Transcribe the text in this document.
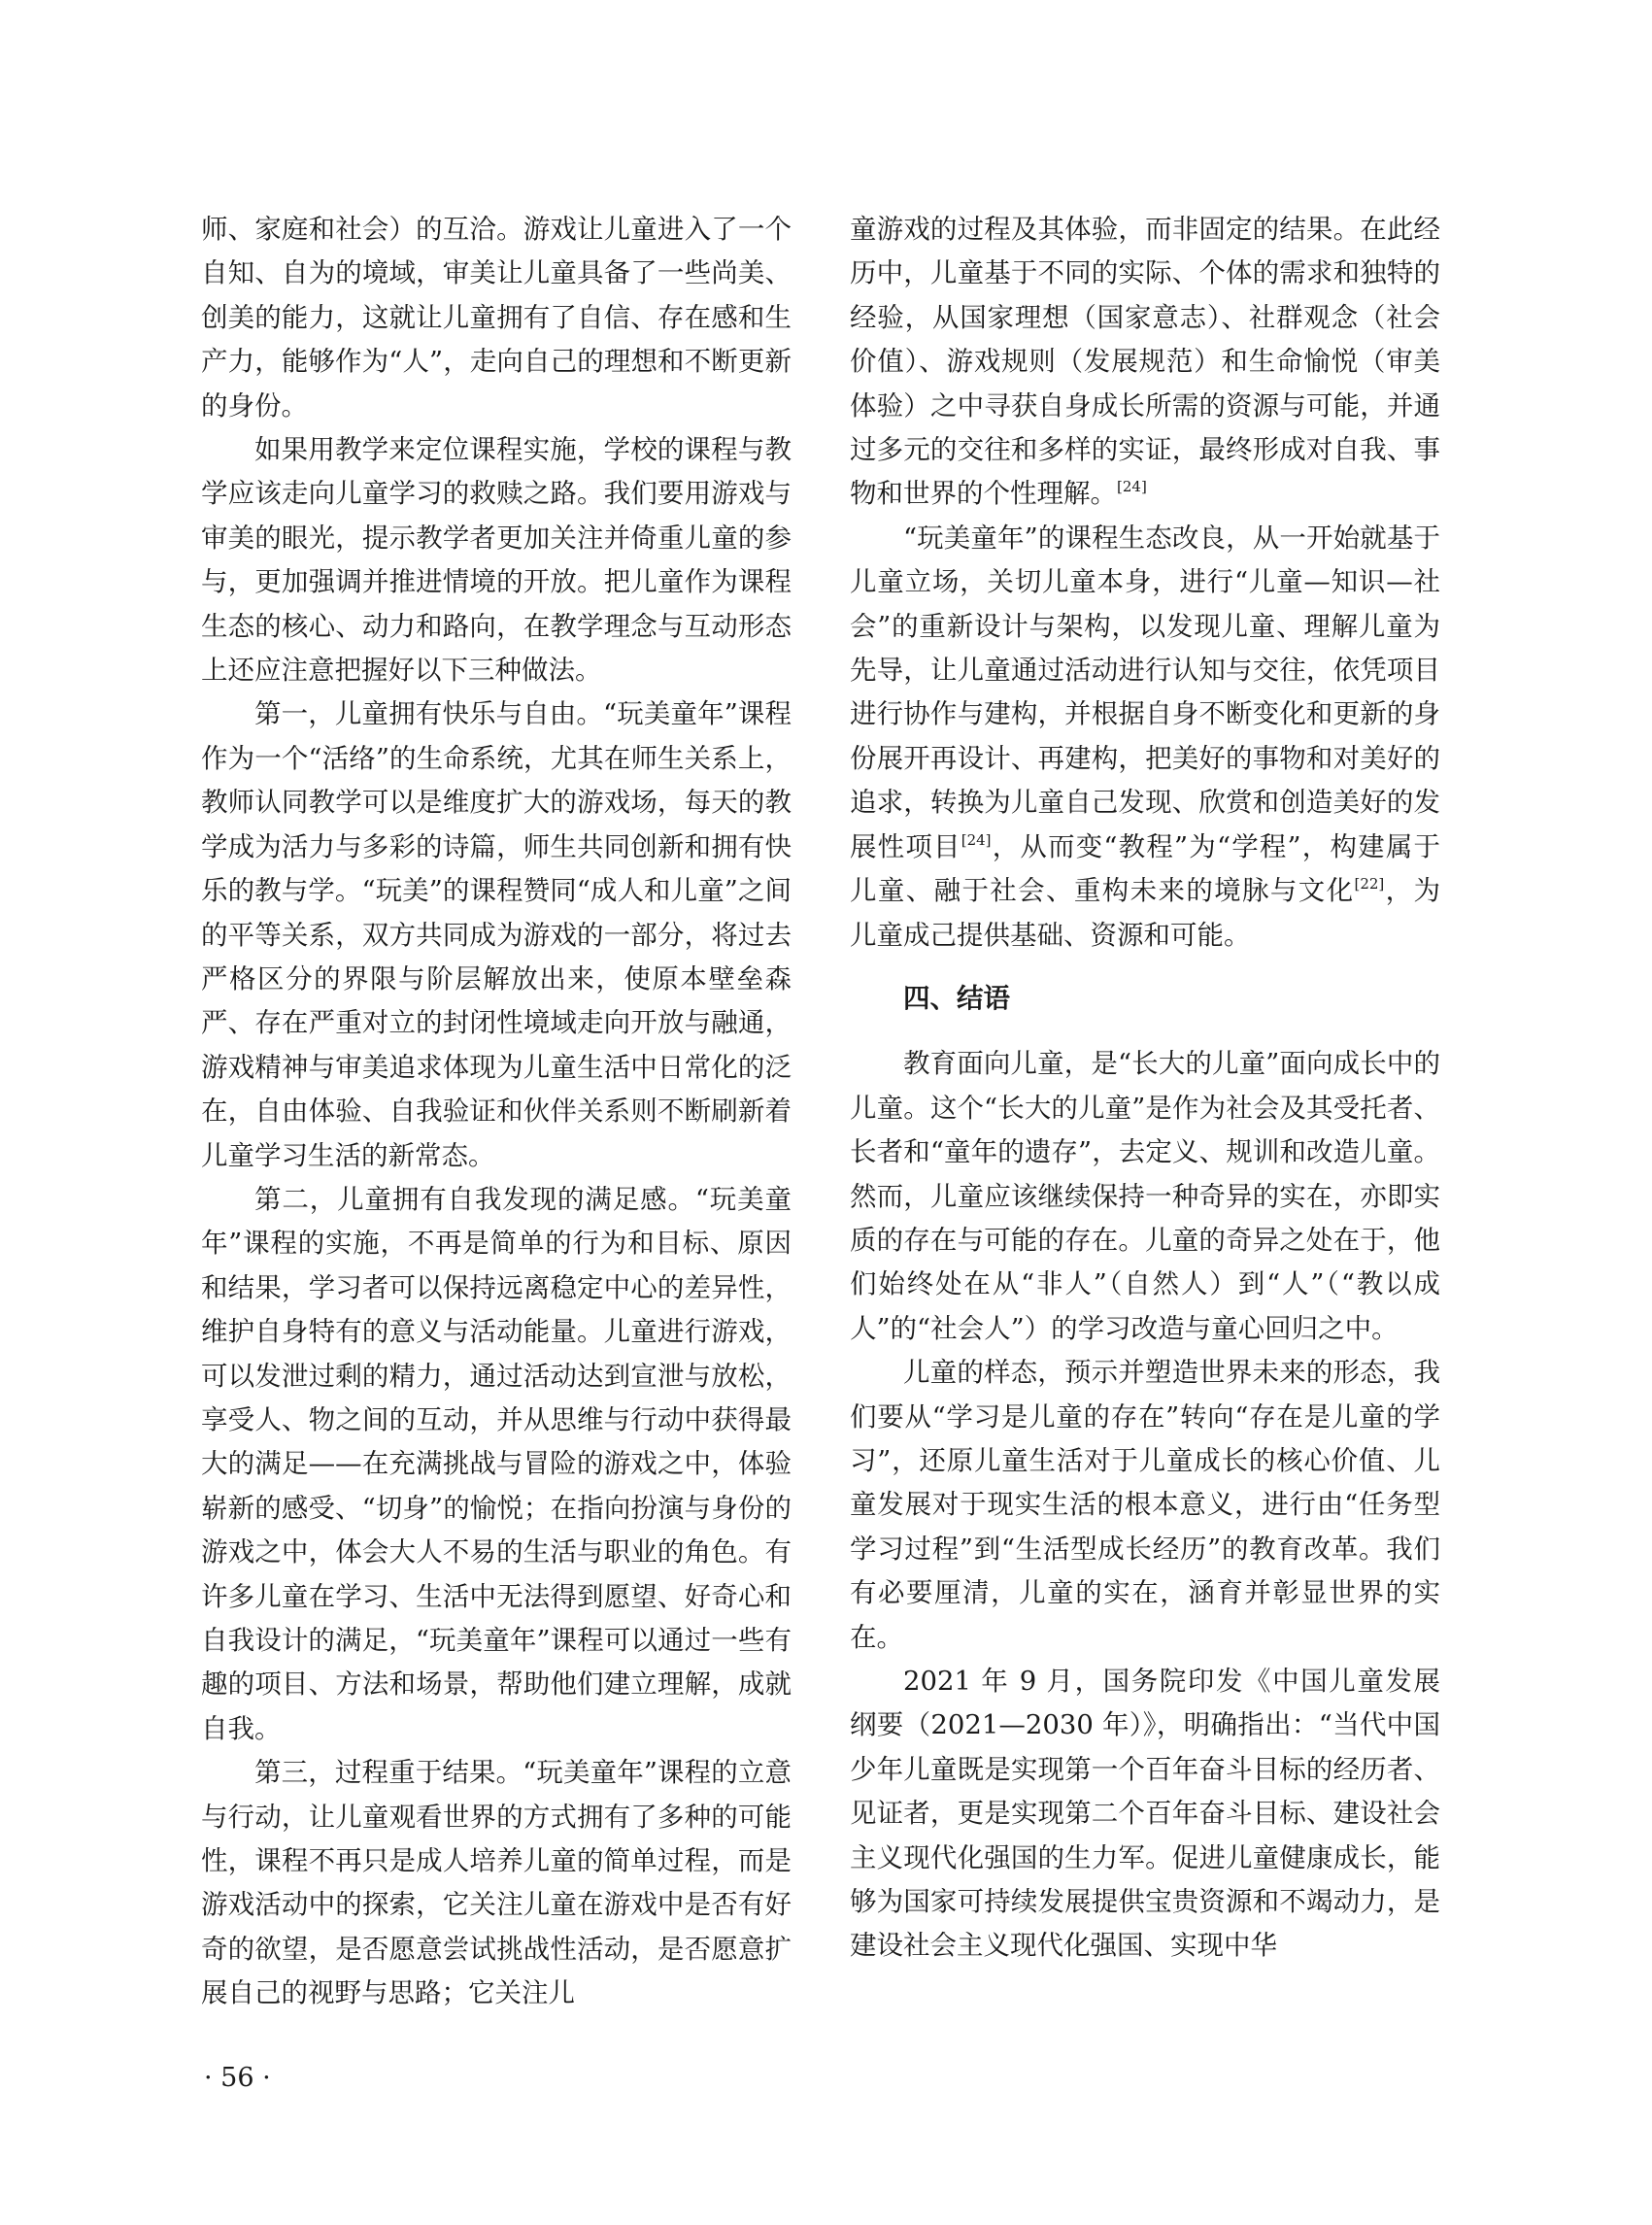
师、家庭和社会）的互洽。游戏让儿童进入了一个自知、自为的境域，审美让儿童具备了一些尚美、创美的能力，这就让儿童拥有了自信、存在感和生产力，能够作为“人”，走向自己的理想和不断更新的身份。

如果用教学来定位课程实施，学校的课程与教学应该走向儿童学习的救赎之路。我们要用游戏与审美的眼光，提示教学者更加关注并倚重儿童的参与，更加强调并推进情境的开放。把儿童作为课程生态的核心、动力和路向，在教学理念与互动形态上还应注意把握好以下三种做法。

第一，儿童拥有快乐与自由。“玩美童年”课程作为一个“活络”的生命系统，尤其在师生关系上，教师认同教学可以是维度扩大的游戏场，每天的教学成为活力与多彩的诗篇，师生共同创新和拥有快乐的教与学。“玩美”的课程赞同“成人和儿童”之间的平等关系，双方共同成为游戏的一部分，将过去严格区分的界限与阶层解放出来，使原本壁垒森严、存在严重对立的封闭性境域走向开放与融通，游戏精神与审美追求体现为儿童生活中日常化的泛在，自由体验、自我验证和伙伴关系则不断刷新着儿童学习生活的新常态。

第二，儿童拥有自我发现的满足感。“玩美童年”课程的实施，不再是简单的行为和目标、原因和结果，学习者可以保持远离稳定中心的差异性，维护自身特有的意义与活动能量。儿童进行游戏，可以发泄过剩的精力，通过活动达到宣泄与放松，享受人、物之间的互动，并从思维与行动中获得最大的满足——在充满挑战与冒险的游戏之中，体验崭新的感受、“切身”的愉悦；在指向扮演与身份的游戏之中，体会大人不易的生活与职业的角色。有许多儿童在学习、生活中无法得到愿望、好奇心和自我设计的满足，“玩美童年”课程可以通过一些有趣的项目、方法和场景，帮助他们建立理解，成就自我。

第三，过程重于结果。“玩美童年”课程的立意与行动，让儿童观看世界的方式拥有了多种的可能性，课程不再只是成人培养儿童的简单过程，而是游戏活动中的探索，它关注儿童在游戏中是否有好奇的欲望，是否愿意尝试挑战性活动，是否愿意扩展自己的视野与思路；它关注儿

童游戏的过程及其体验，而非固定的结果。在此经历中，儿童基于不同的实际、个体的需求和独特的经验，从国家理想（国家意志）、社群观念（社会价值）、游戏规则（发展规范）和生命愉悦（审美体验）之中寻获自身成长所需的资源与可能，并通过多元的交往和多样的实证，最终形成对自我、事物和世界的个性理解。[24]

“玩美童年”的课程生态改良，从一开始就基于儿童立场，关切儿童本身，进行“儿童—知识—社会”的重新设计与架构，以发现儿童、理解儿童为先导，让儿童通过活动进行认知与交往，依凭项目进行协作与建构，并根据自身不断变化和更新的身份展开再设计、再建构，把美好的事物和对美好的追求，转换为儿童自己发现、欣赏和创造美好的发展性项目[24]，从而变“教程”为“学程”，构建属于儿童、融于社会、重构未来的境脉与文化[22]，为儿童成己提供基础、资源和可能。

四、结语

教育面向儿童，是“长大的儿童”面向成长中的儿童。这个“长大的儿童”是作为社会及其受托者、长者和“童年的遗存”，去定义、规训和改造儿童。然而，儿童应该继续保持一种奇异的实在，亦即实质的存在与可能的存在。儿童的奇异之处在于，他们始终处在从“非人”（自然人）到“人”（“教以成人”的“社会人”）的学习改造与童心回归之中。

儿童的样态，预示并塑造世界未来的形态，我们要从“学习是儿童的存在”转向“存在是儿童的学习”，还原儿童生活对于儿童成长的核心价值、儿童发展对于现实生活的根本意义，进行由“任务型学习过程”到“生活型成长经历”的教育改革。我们有必要厘清，儿童的实在，涵育并彰显世界的实在。

2021 年 9 月，国务院印发《中国儿童发展纲要（2021—2030 年）》，明确指出：“当代中国少年儿童既是实现第一个百年奋斗目标的经历者、见证者，更是实现第二个百年奋斗目标、建设社会主义现代化强国的生力军。促进儿童健康成长，能够为国家可持续发展提供宝贵资源和不竭动力，是建设社会主义现代化强国、实现中华

· 56 ·
